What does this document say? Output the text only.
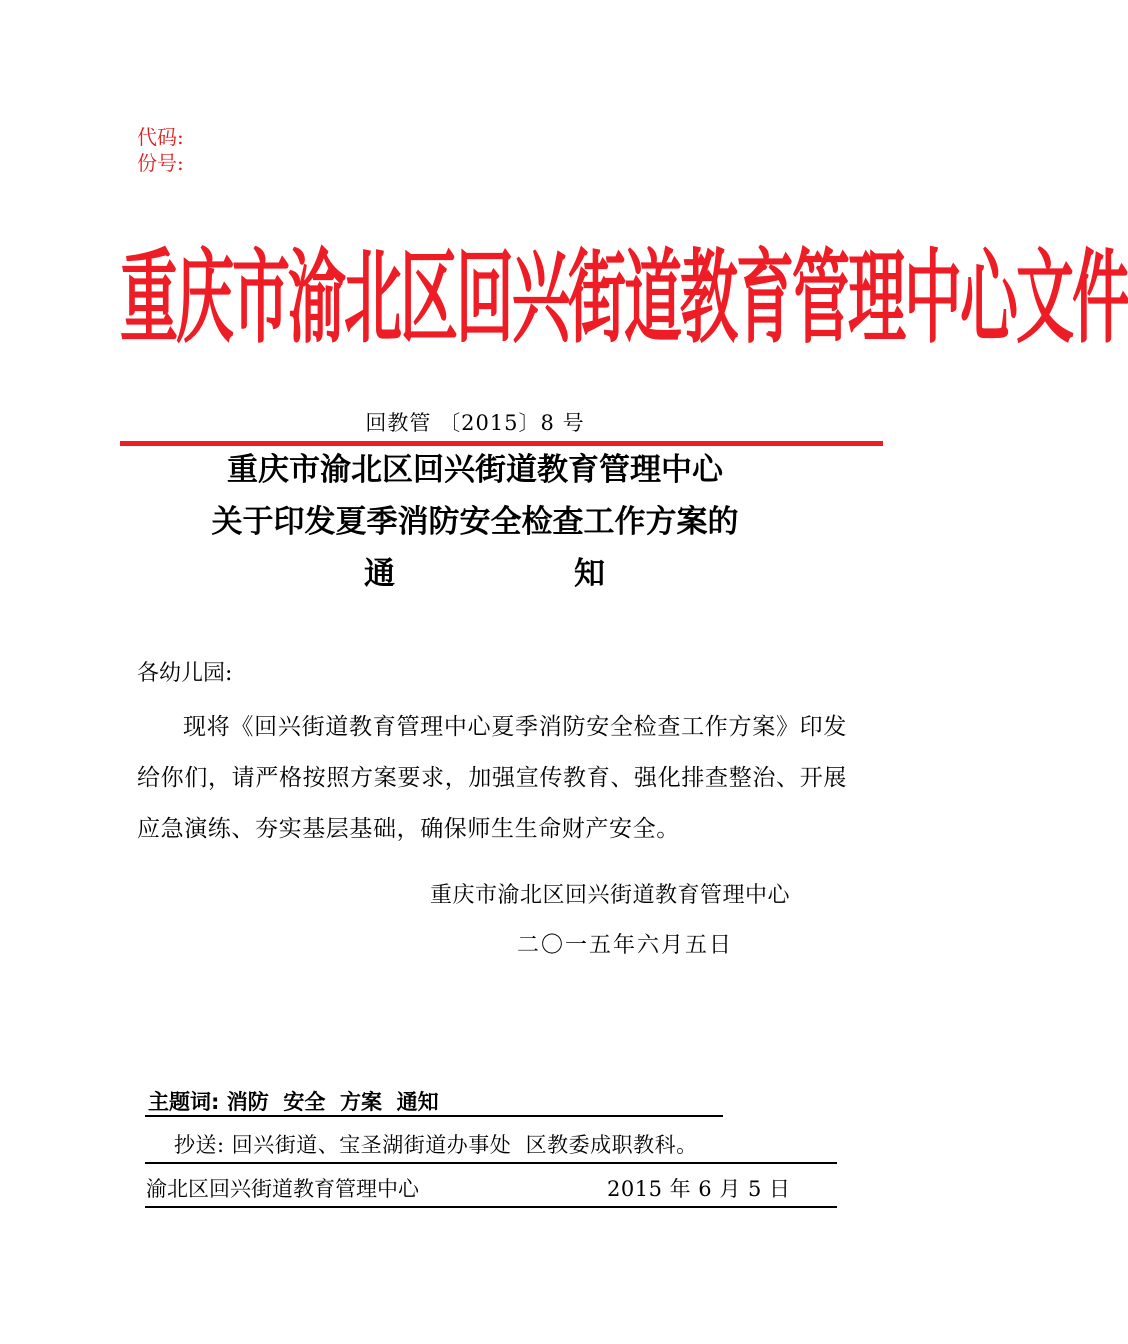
代码:
份号:
重庆市渝北区回兴街道教育管理中心文件
回教管 〔2015〕8 号
重庆市渝北区回兴街道教育管理中心
关于印发夏季消防安全检查工作方案的
通	知
各幼儿园:
现将《回兴街道教育管理中心夏季消防安全检查工作方案》印发给你们，请严格按照方案要求，加强宣传教育、强化排查整治、开展应急演练、夯实基层基础，确保师生生命财产安全。
重庆市渝北区回兴街道教育管理中心
二〇一五年六月五日
主题词: 消防  安全  方案  通知
抄送: 回兴街道、宝圣湖街道办事处  区教委成职教科。
渝北区回兴街道教育管理中心	2015 年 6 月 5 日
